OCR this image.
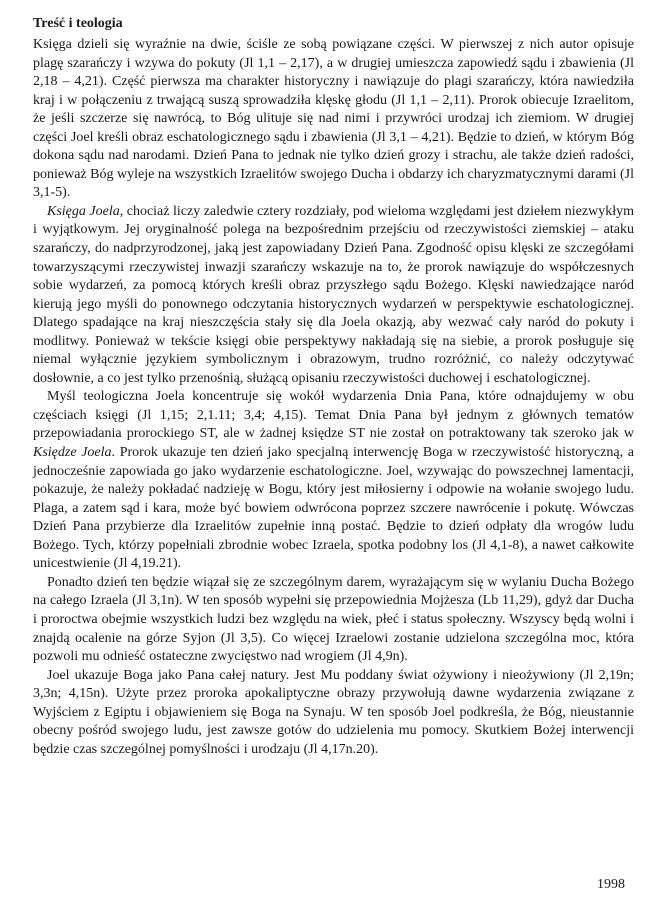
Treść i teologia

Księga dzieli się wyraźnie na dwie, ściśle ze sobą powiązane części. W pierwszej z nich autor opisuje plagę szarańczy i wzywa do pokuty (Jl 1,1 – 2,17), a w drugiej umieszcza zapowiedź sądu i zbawienia (Jl 2,18 – 4,21). Część pierwsza ma charakter historyczny i nawiązuje do plagi szarańczy, która nawiedziła kraj i w połączeniu z trwającą suszą sprowadziła klęskę głodu (Jl 1,1 – 2,11). Prorok obiecuje Izraelitom, że jeśli szczerze się nawrócą, to Bóg ulituje się nad nimi i przywróci urodzaj ich ziemiom. W drugiej części Joel kreśli obraz eschatologicznego sądu i zbawienia (Jl 3,1 – 4,21). Będzie to dzień, w którym Bóg dokona sądu nad narodami. Dzień Pana to jednak nie tylko dzień grozy i strachu, ale także dzień radości, ponieważ Bóg wyleje na wszystkich Izraelitów swojego Ducha i obdarzy ich charyzmatycznymi darami (Jl 3,1-5).

Księga Joela, chociaż liczy zaledwie cztery rozdziały, pod wieloma względami jest dziełem niezwykłym i wyjątkowym. Jej oryginalność polega na bezpośrednim przejściu od rzeczywistości ziemskiej – ataku szarańczy, do nadprzyrodzonej, jaką jest zapowiadany Dzień Pana. Zgodność opisu klęski ze szczegółami towarzyszącymi rzeczywistej inwazji szarańczy wskazuje na to, że prorok nawiązuje do współczesnych sobie wydarzeń, za pomocą których kreśli obraz przyszłego sądu Bożego. Klęski nawiedzające naród kierują jego myśli do ponownego odczytania historycznych wydarzeń w perspektywie eschatologicznej. Dlatego spadające na kraj nieszczęścia stały się dla Joela okazją, aby wezwać cały naród do pokuty i modlitwy. Ponieważ w tekście księgi obie perspektywy nakładają się na siebie, a prorok posługuje się niemal wyłącznie językiem symbolicznym i obrazowym, trudno rozróżnić, co należy odczytywać dosłownie, a co jest tylko przenośnią, służącą opisaniu rzeczywistości duchowej i eschatologicznej.

Myśl teologiczna Joela koncentruje się wokół wydarzenia Dnia Pana, które odnajdujemy w obu częściach księgi (Jl 1,15; 2,1.11; 3,4; 4,15). Temat Dnia Pana był jednym z głównych tematów przepowiadania prorockiego ST, ale w żadnej księdze ST nie został on potraktowany tak szeroko jak w Księdze Joela. Prorok ukazuje ten dzień jako specjalną interwencję Boga w rzeczywistość historyczną, a jednocześnie zapowiada go jako wydarzenie eschatologiczne. Joel, wzywając do powszechnej lamentacji, pokazuje, że należy pokładać nadzieję w Bogu, który jest miłosierny i odpowie na wołanie swojego ludu. Plaga, a zatem sąd i kara, może być bowiem odwrócona poprzez szczere nawrócenie i pokutę. Wówczas Dzień Pana przybierze dla Izraelitów zupełnie inną postać. Będzie to dzień odpłaty dla wrogów ludu Bożego. Tych, którzy popełniali zbrodnie wobec Izraela, spotka podobny los (Jl 4,1-8), a nawet całkowite unicestwienie (Jl 4,19.21).

Ponadto dzień ten będzie wiązał się ze szczególnym darem, wyrażającym się w wylaniu Ducha Bożego na całego Izraela (Jl 3,1n). W ten sposób wypełni się przepowiednia Mojżesza (Lb 11,29), gdyż dar Ducha i proroctwa obejmie wszystkich ludzi bez względu na wiek, płeć i status społeczny. Wszyscy będą wolni i znajdą ocalenie na górze Syjon (Jl 3,5). Co więcej Izraelowi zostanie udzielona szczególna moc, która pozwoli mu odnieść ostateczne zwycięstwo nad wrogiem (Jl 4,9n).

Joel ukazuje Boga jako Pana całej natury. Jest Mu poddany świat ożywiony i nieożywiony (Jl 2,19n; 3,3n; 4,15n). Użyte przez proroka apokaliptyczne obrazy przywołują dawne wydarzenia związane z Wyjściem z Egiptu i objawieniem się Boga na Synaju. W ten sposób Joel podkreśla, że Bóg, nieustannie obecny pośród swojego ludu, jest zawsze gotów do udzielenia mu pomocy. Skutkiem Bożej interwencji będzie czas szczególnej pomyślności i urodzaju (Jl 4,17n.20).

1998
